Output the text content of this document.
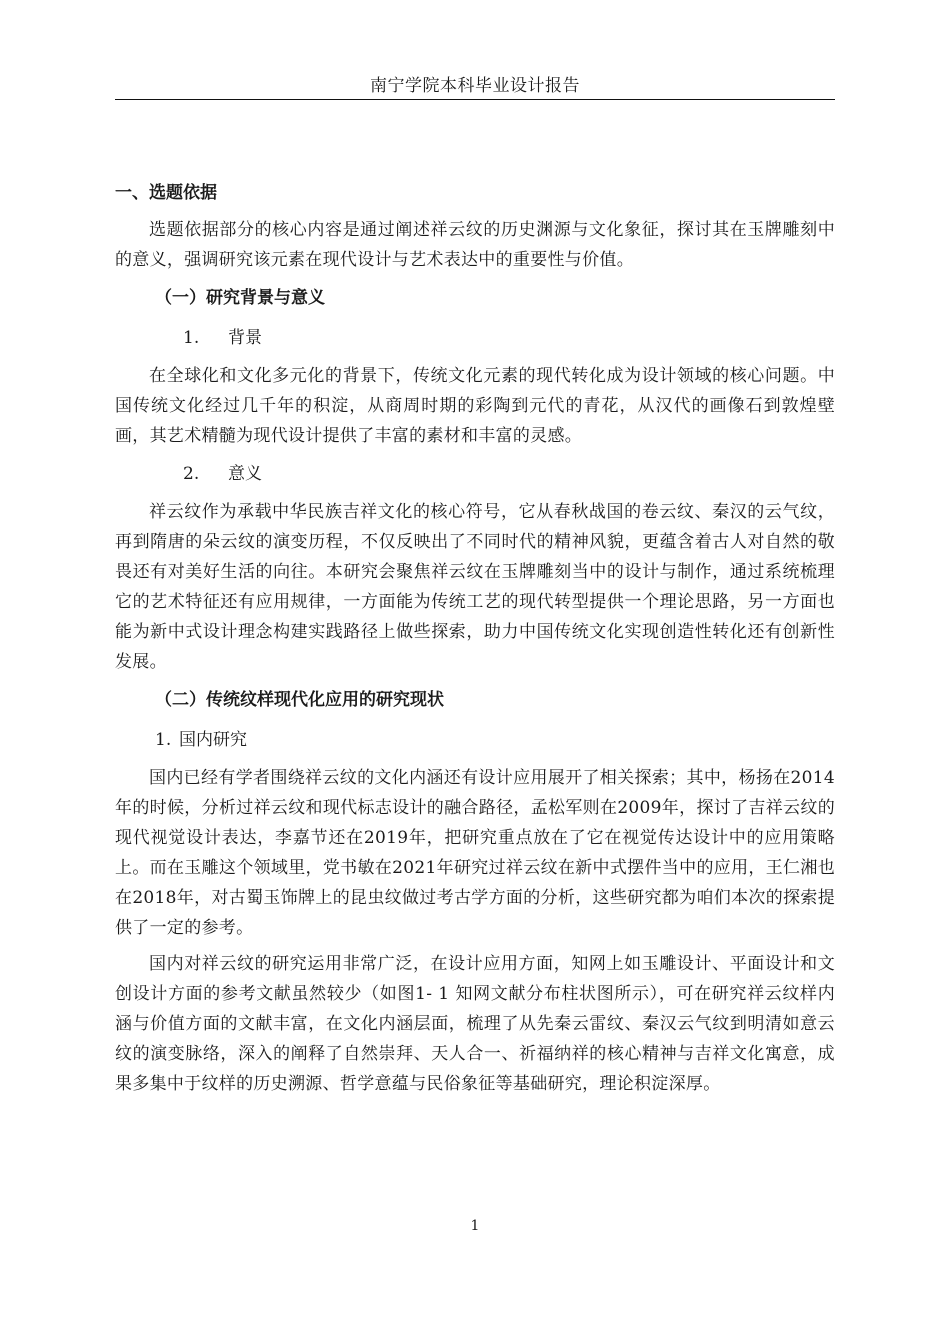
南宁学院本科毕业设计报告
一、选题依据

选题依据部分的核心内容是通过阐述祥云纹的历史渊源与文化象征，探讨其在玉牌雕刻中的意义，强调研究该元素在现代设计与艺术表达中的重要性与价值。

（一）研究背景与意义
1. 背景

在全球化和文化多元化的背景下，传统文化元素的现代转化成为设计领域的核心问题。中国传统文化经过几千年的积淀，从商周时期的彩陶到元代的青花，从汉代的画像石到敦煌壁画，其艺术精髓为现代设计提供了丰富的素材和丰富的灵感。

2. 意义

祥云纹作为承载中华民族吉祥文化的核心符号，它从春秋战国的卷云纹、秦汉的云气纹，再到隋唐的朵云纹的演变历程，不仅反映出了不同时代的精神风貌，更蕴含着古人对自然的敬畏还有对美好生活的向往。本研究会聚焦祥云纹在玉牌雕刻当中的设计与制作，通过系统梳理它的艺术特征还有应用规律，一方面能为传统工艺的现代转型提供一个理论思路，另一方面也能为新中式设计理念构建实践路径上做些探索，助力中国传统文化实现创造性转化还有创新性发展。

（二）传统纹样现代化应用的研究现状
1. 国内研究

国内已经有学者围绕祥云纹的文化内涵还有设计应用展开了相关探索；其中，杨扬在2014年的时候，分析过祥云纹和现代标志设计的融合路径，孟松军则在2009年，探讨了吉祥云纹的现代视觉设计表达，李嘉节还在2019年，把研究重点放在了它在视觉传达设计中的应用策略上。而在玉雕这个领域里，党书敏在2021年研究过祥云纹在新中式摆件当中的应用，王仁湘也在2018年，对古蜀玉饰牌上的昆虫纹做过考古学方面的分析，这些研究都为咱们本次的探索提供了一定的参考。

国内对祥云纹的研究运用非常广泛，在设计应用方面，知网上如玉雕设计、平面设计和文创设计方面的参考文献虽然较少（如图1- 1 知网文献分布柱状图所示），可在研究祥云纹样内涵与价值方面的文献丰富，在文化内涵层面，梳理了从先秦云雷纹、秦汉云气纹到明清如意云纹的演变脉络，深入的阐释了自然崇拜、天人合一、祈福纳祥的核心精神与吉祥文化寓意，成果多集中于纹样的历史溯源、哲学意蕴与民俗象征等基础研究，理论积淀深厚。

1
